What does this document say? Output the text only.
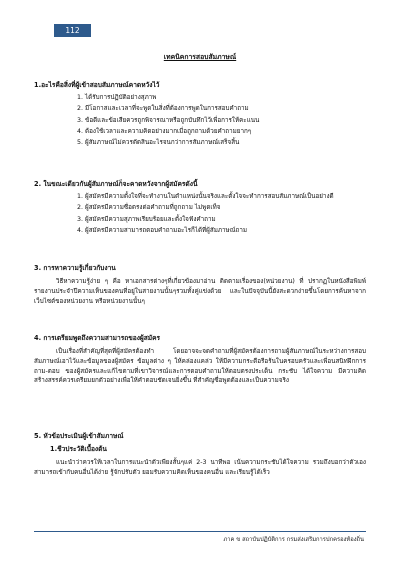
112
เทคนิคการสอบสัมภาษณ์
1.อะไรคือสิ่งที่ผู้เข้าสอบสัมภาษณ์คาดหวังไว้
1. ได้รับการปฏิบัติอย่างสุภาพ
2. มีโอกาสและเวลาที่จะพูดในสิ่งที่ต้องการพูดในการสอบคำถาม
3. ข้อดีและข้อเสียควรถูกพิจารณาหรือถูกบันทึกไว้เพื่อการให้คะแนน
4. ต้องใช้เวลาและความคิดอย่างมากเมื่อถูกถามด้วยคำถามยากๆ
5. ผู้สัมภาษณ์ไม่ควรตัดสินอะไรจนกว่าการสัมภาษณ์เสร็จสิ้น
2. ในขณะเดียวกันผู้สัมภาษณ์ก็จะคาดหวังจากผู้สมัครดังนี้
1. ผู้สมัครมีความตั้งใจที่จะทำงานในตำแหน่งนั้นจริงและตั้งใจจะทำการสอบสัมภาษณ์เป็นอย่างดี
2. ผู้สมัครมีความซื่อตรงต่อคำถามที่ถูกถาม ไม่พูดเท็จ
3. ผู้สมัครมีความสุภาพเรียบร้อยและตั้งใจฟังคำถาม
4. ผู้สมัครมีความสามารถตอบคำถามอะไรก็ได้ที่ผู้สัมภาษณ์ถาม
3. การหาความรู้เกี่ยวกับงาน

วิธีหาความรู้ง่าย ๆ คือ หาเอกสารต่างๆที่เกี่ยวข้องมาอ่าน ติดตามเรื่องของ(หน่วยงาน) ที่ ปรากฏในหนังสือพิมพ์รายงานประจำปีความเห็นของคนที่อยู่ในสายงานนั้นๆรวมทั้งคู่แข่งด้วย และในปัจจุบันนี้ยังสะดวกง่ายขึ้นโดยการค้นหาจากเว็บไซต์ของหน่วยงาน หรือหน่วยงานนั้นๆ

4. การเตรียมพูดถึงความสามารถของผู้สมัคร

เป็นเรื่องที่สำคัญที่สุดที่ผู้สมัครต้องทำ โดยอาจจะจดคำถามที่ผู้สมัครต้องการถามผู้สัมภาษณ์ในระหว่างการสอบสัมภาษณ์เอาไว้และข้อมูลของผู้สมัคร ข้อมูลต่าง ๆ ให้คล่องแคล่ว ให้มีความกระตือรือร้นในครอบครัวและเพื่อนสนิทฝึกการถาม-ตอบ ของผู้สมัครและแก้ไขตามที่เขาวิจารณ์และการตอบคำถามให้ตอบตรงประเด็น กระชับ ได้ใจความ มีความคิดสร้างสรรค์ควรเตรียมยกตัวอย่างเพื่อให้คำตอบชัดเจนยิ่งขึ้น ที่สำคัญซื่อพูดต้องและเป็นความจริง

5. หัวข้อประเมินผู้เข้าสัมภาษณ์
1.ชีวประวัติเบื้องต้น

แนะนำว่าควรให้เวลาในการแนะนำตัวเพียงสั้นๆแค่ 2-3 นาทีพอ เน้นความกระชับได้ใจความ รวมถึงบอกว่าตัวเองสามารถเข้ากับคนอื่นได้ง่าย รู้จักปรับตัว ยอมรับความคิดเห็นของคนอื่น และเรียนรู้ได้เร็ว

ภาค ข สถาบันปฏิบัติการ กรมส่งเสริมการปกครองท้องถิ่น
